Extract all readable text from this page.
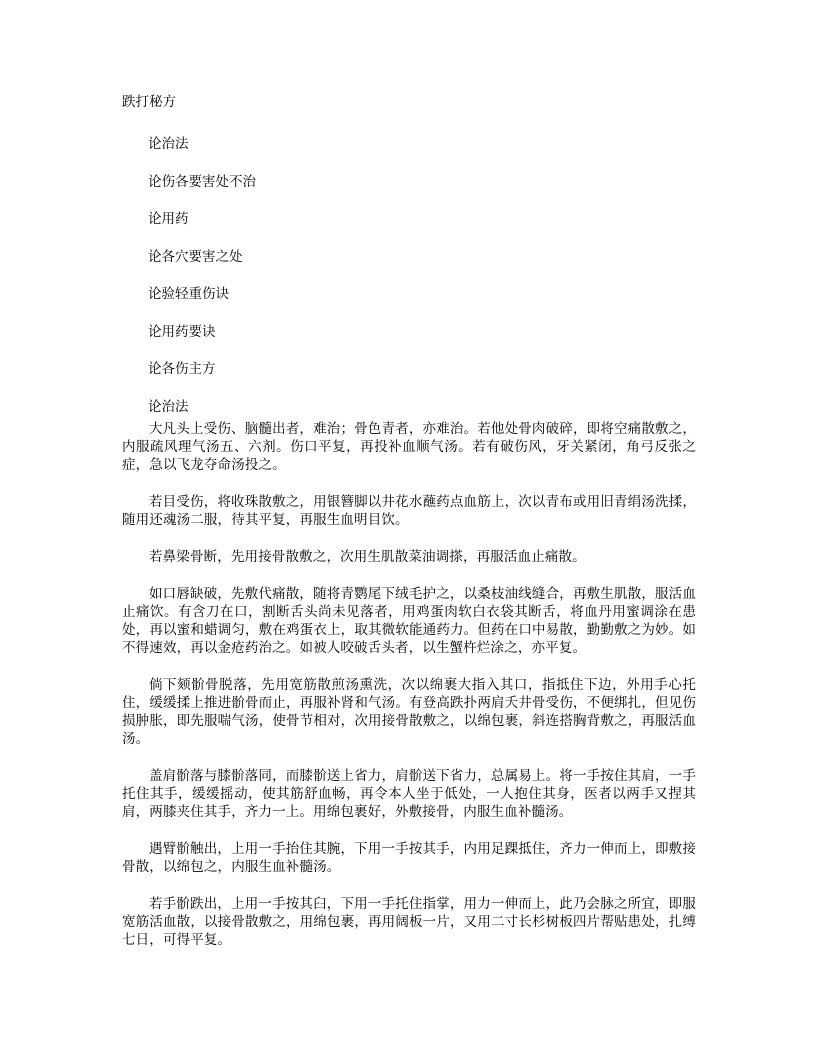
跌打秘方
论治法
论伤各要害处不治
论用药
论各穴要害之处
论验轻重伤诀
论用药要诀
论各伤主方
论治法

大凡头上受伤、脑髓出者，难治；骨色青者，亦难治。若他处骨肉破碎，即将空痛散敷之，内服疏风理气汤五、六剂。伤口平复，再投补血顺气汤。若有破伤风，牙关紧闭，角弓反张之症，急以飞龙夺命汤投之。

若目受伤，将收珠散敷之，用银簪脚以井花水蘸药点血筋上，次以青布或用旧青绢汤洗揉，随用还魂汤二服，待其平复，再服生血明目饮。

若鼻梁骨断，先用接骨散敷之，次用生肌散菜油调搽，再服活血止痛散。

如口唇缺破，先敷代痛散，随将青鹦尾下绒毛护之，以桑枝油线缝合，再敷生肌散，服活血止痛饮。有含刀在口，割断舌头尚未见落者，用鸡蛋肉软白衣袋其断舌，将血丹用蜜调涂在患处，再以蜜和蜡调匀，敷在鸡蛋衣上，取其微软能通药力。但药在口中易散，勤勤敷之为妙。如不得速效，再以金疮药治之。如被人咬破舌头者，以生蟹杵烂涂之，亦平复。

倘下颏骱骨脱落，先用宽筋散煎汤熏洗，次以绵裹大指入其口，指抵住下边，外用手心托住，缓缓揉上推进骱骨而止，再服补肾和气汤。有登高跌扑两肩夭井骨受伤，不便绑扎，但见伤损肿胀，即先服喘气汤，使骨节相对，次用接骨散敷之，以绵包裹，斜连搭胸背敷之，再服活血汤。

盖肩骱落与膝骱落同，而膝骱送上省力，肩骱送下省力，总属易上。将一手按住其肩，一手托住其手，缓缓摇动，使其筋舒血畅，再令本人坐于低处，一人抱住其身，医者以两手又捏其肩，两膝夹住其手，齐力一上。用绵包裹好，外敷接骨，内服生血补髓汤。

遇臂骱触出，上用一手抬住其腕，下用一手按其手，内用足踝抵住，齐力一伸而上，即敷接骨散，以绵包之，内服生血补髓汤。

若手骱跌出，上用一手按其臼，下用一手托住指掌，用力一伸而上，此乃会脉之所宜，即服宽筋活血散，以接骨散敷之，用绵包裹，再用阔板一片，又用二寸长杉树板四片帮贴患处，扎缚七日，可得平复。
